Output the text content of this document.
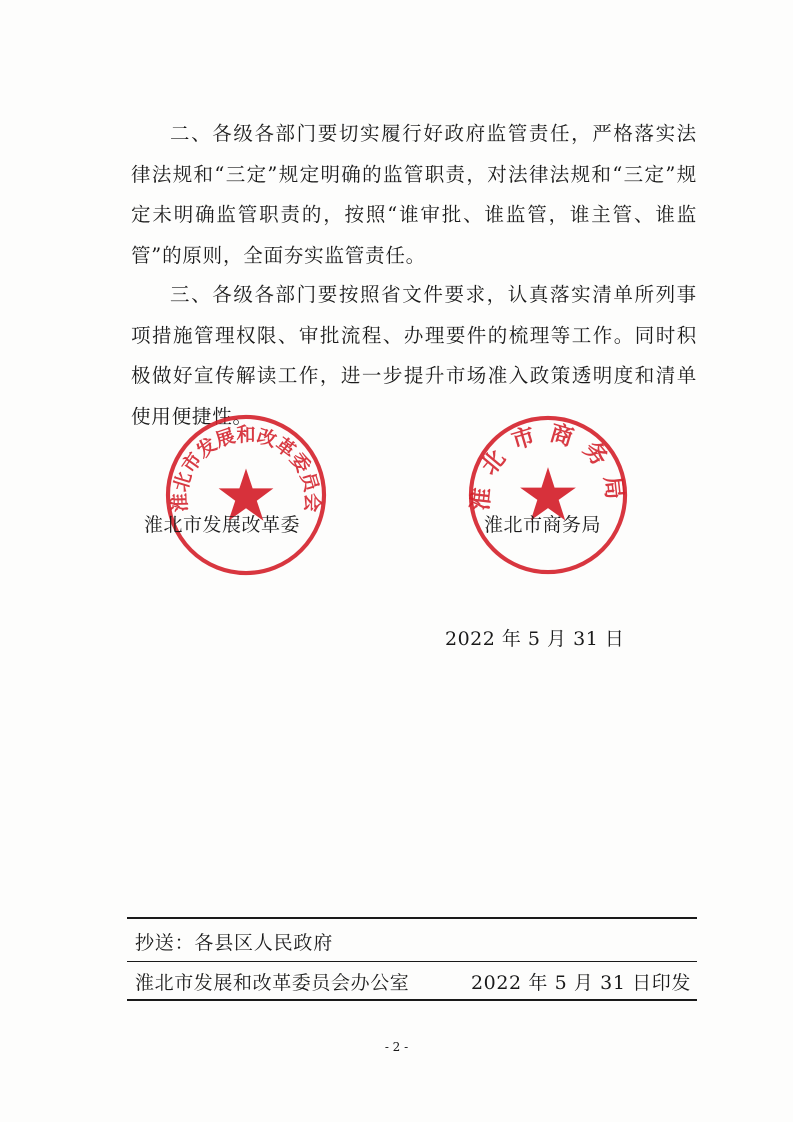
二、各级各部门要切实履行好政府监管责任，严格落实法律法规和“三定”规定明确的监管职责，对法律法规和“三定”规定未明确监管职责的，按照“谁审批、谁监管，谁主管、谁监管”的原则，全面夯实监管责任。

三、各级各部门要按照省文件要求，认真落实清单所列事项措施管理权限、审批流程、办理要件的梳理等工作。同时积极做好宣传解读工作，进一步提升市场准入政策透明度和清单使用便捷性。

淮北市发展和改革委员会	淮北市商务局
淮北市发展改革委	淮北市商务局
2022 年 5 月 31 日
抄送：各县区人民政府
淮北市发展和改革委员会办公室	2022 年 5 月 31 日印发
- 2 -
